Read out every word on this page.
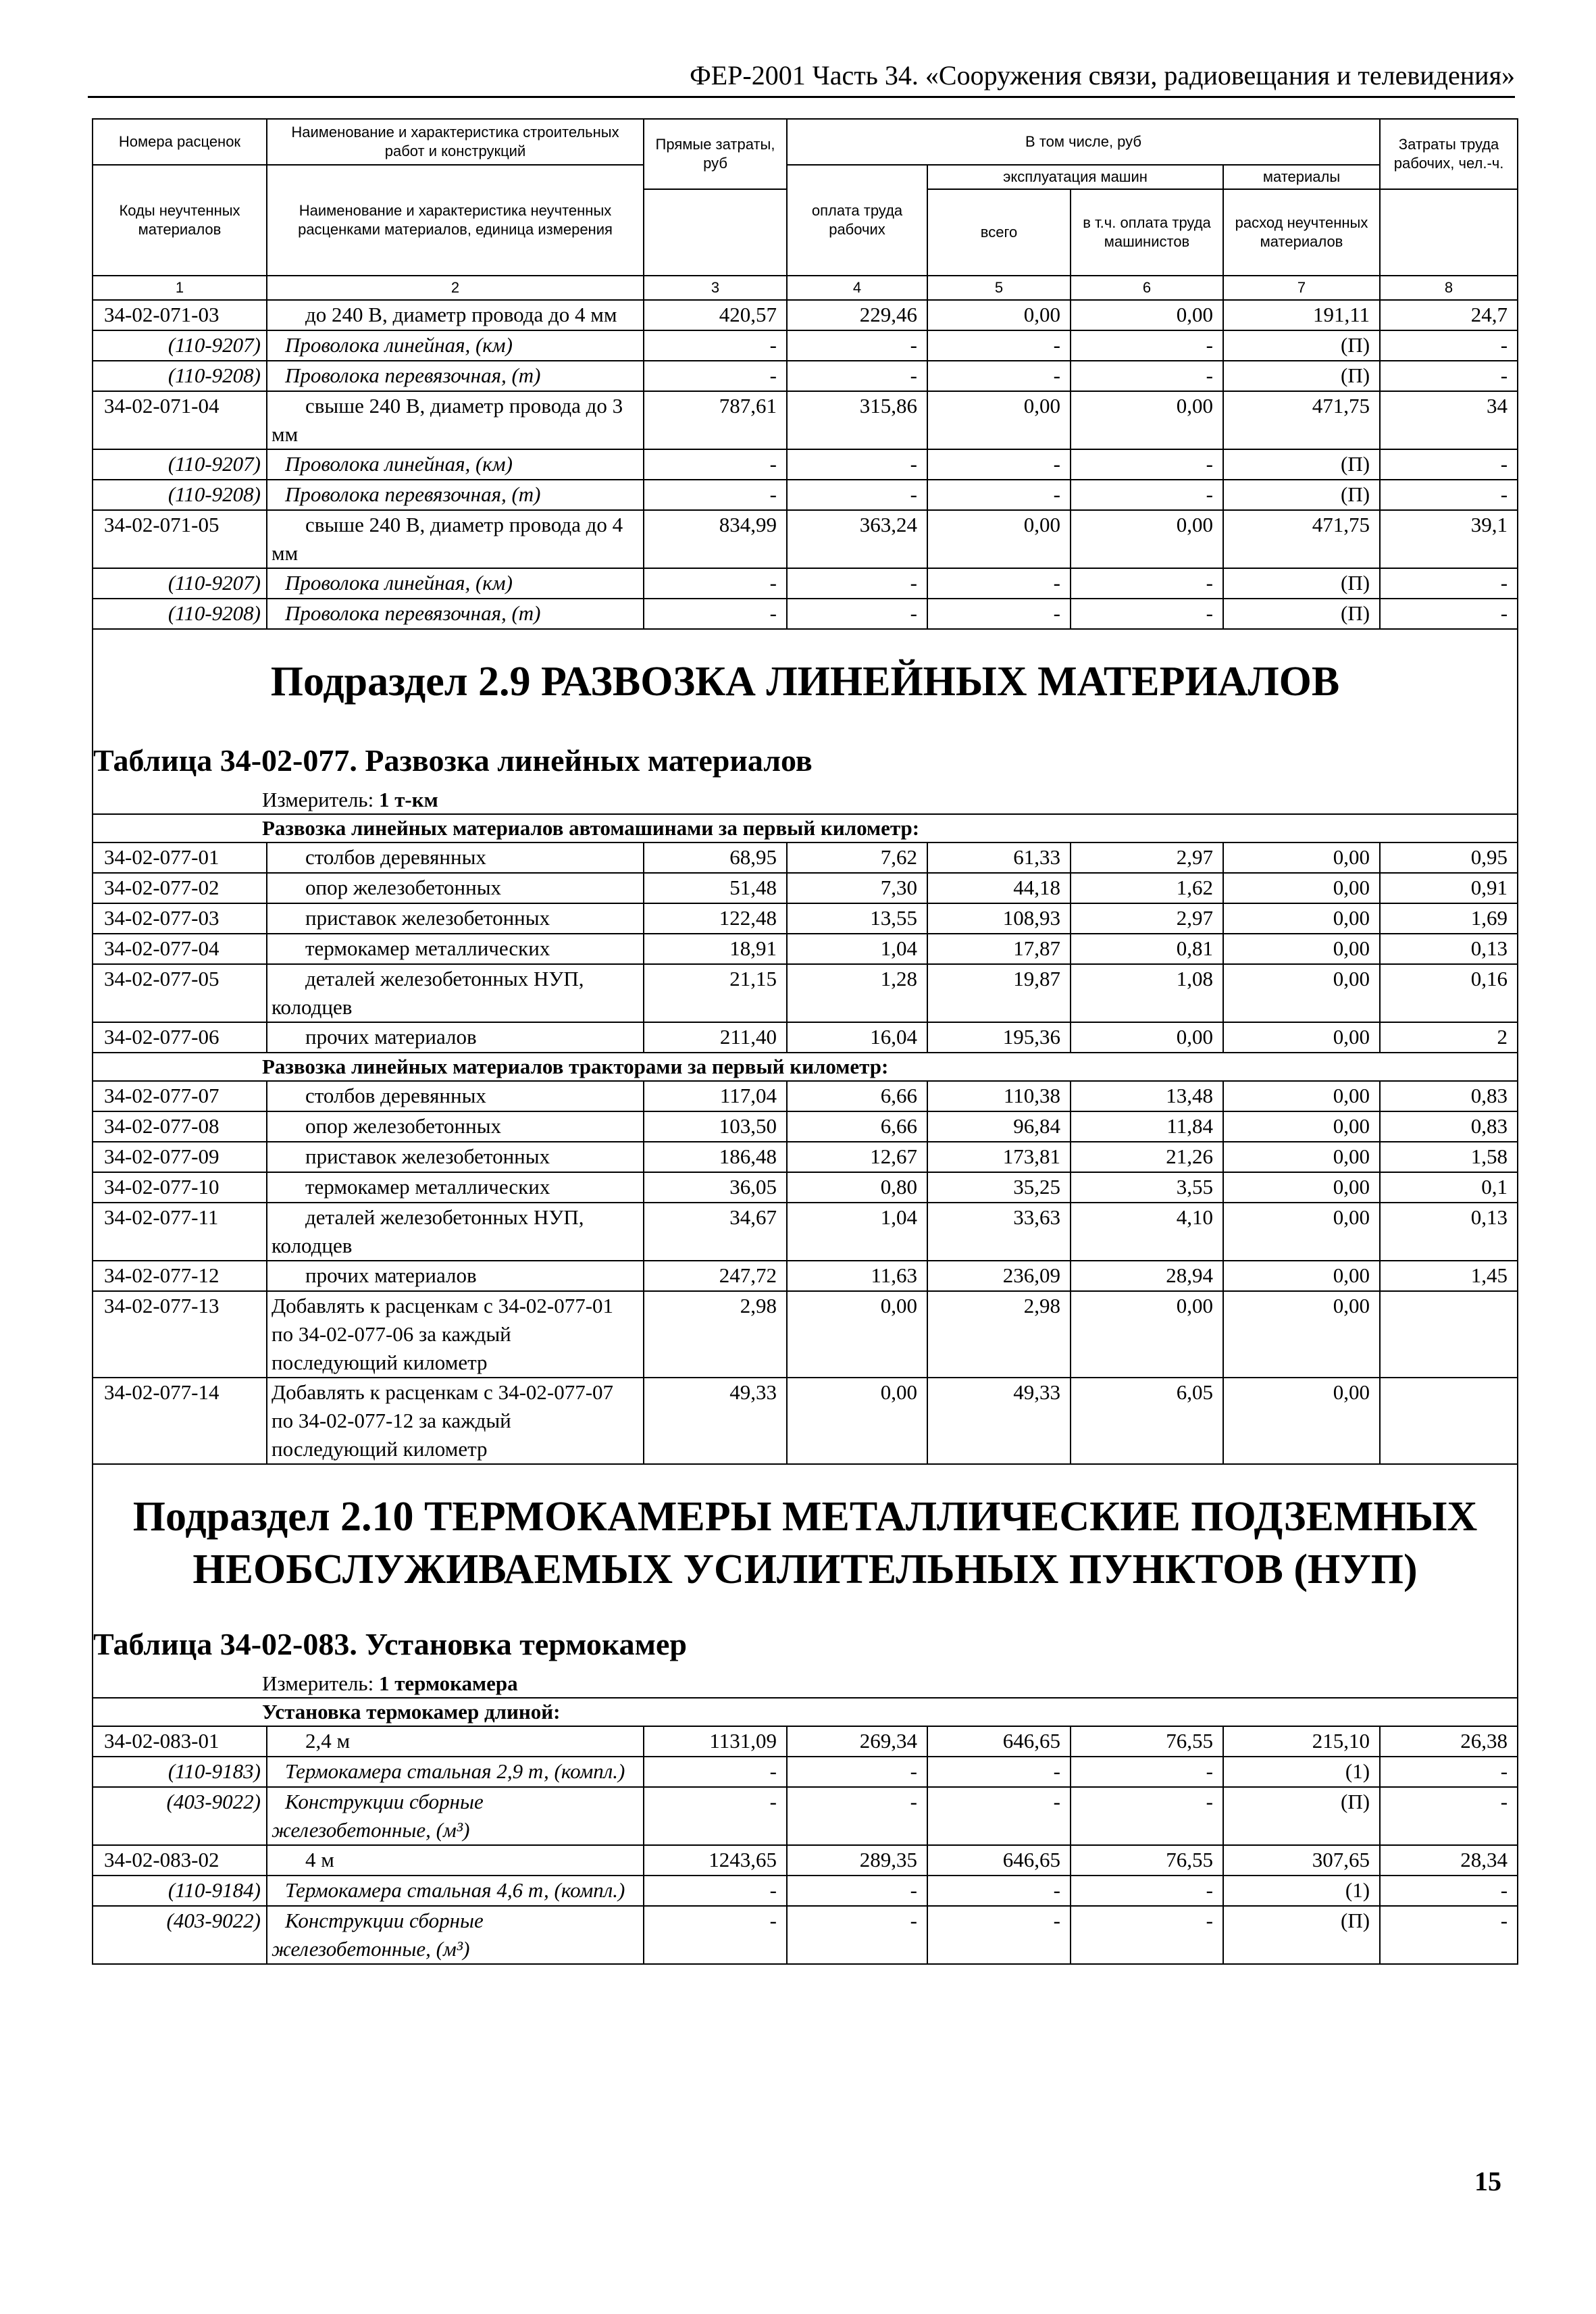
ФЕР-2001 Часть 34. «Сооружения связи, радиовещания и телевидения»
Номера расценок	Наименование и характеристика строительных работ и конструкций	Прямые затраты, руб	В том числе, руб				Затраты труда рабочих, чел.-ч.
Коды неучтенных материалов	Наименование и характеристика неучтенных расценками материалов, единица измерения		оплата труда рабочих	эксплуатация машин		материалы	
				всего	в т.ч. оплата труда машинистов	расход неучтенных материалов	
1	2	3	4	5	6	7	8
34-02-071-03	до 240 В, диаметр провода до 4 мм	420,57	229,46	0,00	0,00	191,11	24,7
(110-9207)	Проволока линейная, (км)	-	-	-	-	(П)	-
(110-9208)	Проволока перевязочная, (т)	-	-	-	-	(П)	-
34-02-071-04	свыше 240 В, диаметр провода до 3 мм	787,61	315,86	0,00	0,00	471,75	34
(110-9207)	Проволока линейная, (км)	-	-	-	-	(П)	-
(110-9208)	Проволока перевязочная, (т)	-	-	-	-	(П)	-
34-02-071-05	свыше 240 В, диаметр провода до 4 мм	834,99	363,24	0,00	0,00	471,75	39,1
(110-9207)	Проволока линейная, (км)	-	-	-	-	(П)	-
(110-9208)	Проволока перевязочная, (т)	-	-	-	-	(П)	-

Подраздел 2.9 РАЗВОЗКА ЛИНЕЙНЫХ МАТЕРИАЛОВ
Таблица 34-02-077. Развозка линейных материалов
Измеритель: 1 т-км							

Развозка линейных материалов автомашинами за первый километр:							
34-02-077-01	столбов деревянных	68,95	7,62	61,33	2,97	0,00	0,95
34-02-077-02	опор железобетонных	51,48	7,30	44,18	1,62	0,00	0,91
34-02-077-03	приставок железобетонных	122,48	13,55	108,93	2,97	0,00	1,69
34-02-077-04	термокамер металлических	18,91	1,04	17,87	0,81	0,00	0,13
34-02-077-05	деталей железобетонных НУП, колодцев	21,15	1,28	19,87	1,08	0,00	0,16
34-02-077-06	прочих материалов	211,40	16,04	195,36	0,00	0,00	2
Развозка линейных материалов тракторами за первый километр:							
34-02-077-07	столбов деревянных	117,04	6,66	110,38	13,48	0,00	0,83
34-02-077-08	опор железобетонных	103,50	6,66	96,84	11,84	0,00	0,83
34-02-077-09	приставок железобетонных	186,48	12,67	173,81	21,26	0,00	1,58
34-02-077-10	термокамер металлических	36,05	0,80	35,25	3,55	0,00	0,1
34-02-077-11	деталей железобетонных НУП, колодцев	34,67	1,04	33,63	4,10	0,00	0,13
34-02-077-12	прочих материалов	247,72	11,63	236,09	28,94	0,00	1,45
34-02-077-13	Добавлять к расценкам с 34-02-077-01 по 34-02-077-06 за каждый последующий километр	2,98	0,00	2,98	0,00	0,00	
34-02-077-14	Добавлять к расценкам с 34-02-077-07 по 34-02-077-12 за каждый последующий километр	49,33	0,00	49,33	6,05	0,00	

Подраздел 2.10 ТЕРМОКАМЕРЫ МЕТАЛЛИЧЕСКИЕ ПОДЗЕМНЫХ
НЕОБСЛУЖИВАЕМЫХ УСИЛИТЕЛЬНЫХ ПУНКТОВ (НУП)
Таблица 34-02-083. Установка термокамер
Измеритель: 1 термокамера							

Установка термокамер длиной:							
34-02-083-01	2,4 м	1131,09	269,34	646,65	76,55	215,10	26,38
(110-9183)	Термокамера стальная 2,9 т, (компл.)	-	-	-	-	(1)	-
(403-9022)	Конструкции сборные железобетонные, (м³)	-	-	-	-	(П)	-
34-02-083-02	4 м	1243,65	289,35	646,65	76,55	307,65	28,34
(110-9184)	Термокамера стальная 4,6 т, (компл.)	-	-	-	-	(1)	-
(403-9022)	Конструкции сборные железобетонные, (м³)	-	-	-	-	(П)	-
15
